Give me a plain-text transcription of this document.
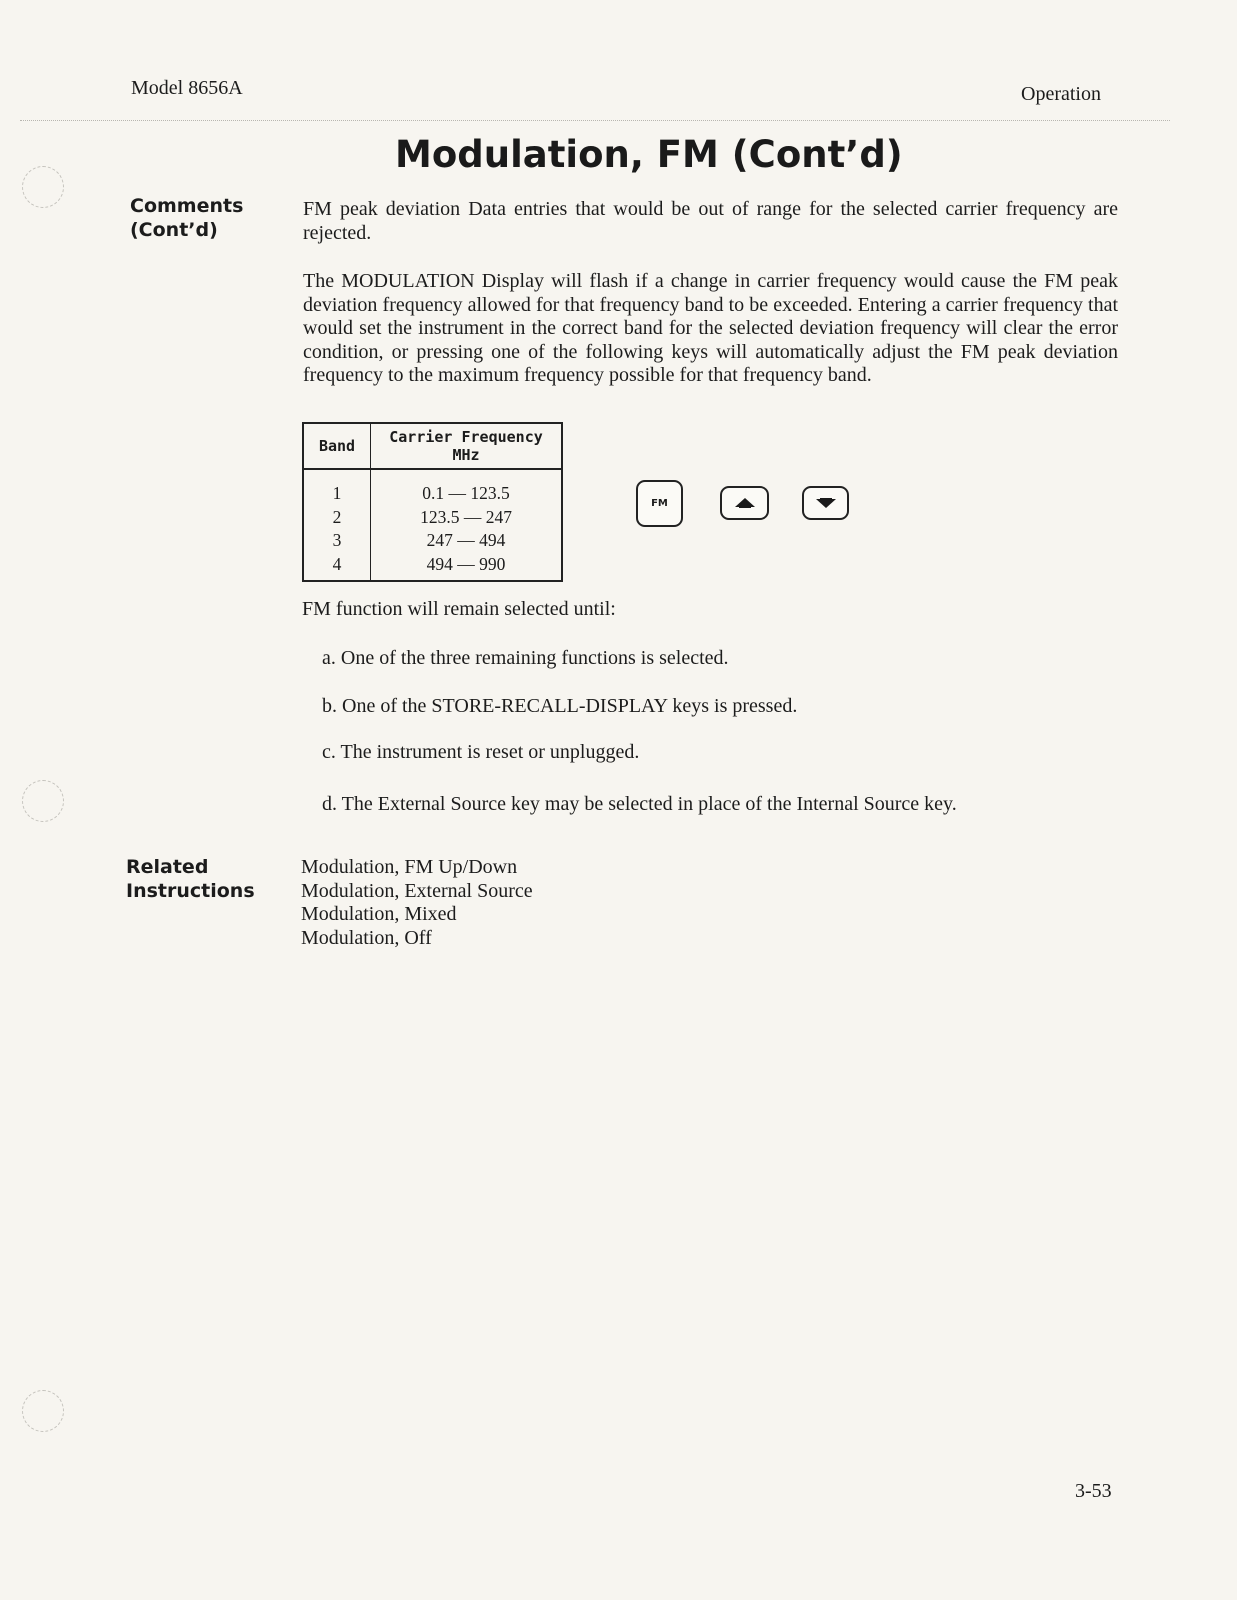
Model 8656A	Operation
Modulation, FM (Cont’d)
Comments
(Cont’d)

FM peak deviation Data entries that would be out of range for the selected carrier frequency are rejected.

The MODULATION Display will flash if a change in carrier frequency would cause the FM peak deviation frequency allowed for that frequency band to be exceeded. Entering a carrier frequency that would set the instrument in the correct band for the selected deviation frequency will clear the error condition, or pressing one of the following keys will automatically adjust the FM peak deviation frequency to the maximum frequency possible for that frequency band.

Band	Carrier Frequency MHz
1	0.1 — 123.5
2	123.5 — 247
3	247 — 494
4	494 — 990
FM

FM function will remain selected until:

a. One of the three remaining functions is selected.

b. One of the STORE-RECALL-DISPLAY keys is pressed.

c. The instrument is reset or unplugged.

d. The External Source key may be selected in place of the Internal Source key.

Related
Instructions
Modulation, FM Up/Down
Modulation, External Source
Modulation, Mixed
Modulation, Off
3-53
